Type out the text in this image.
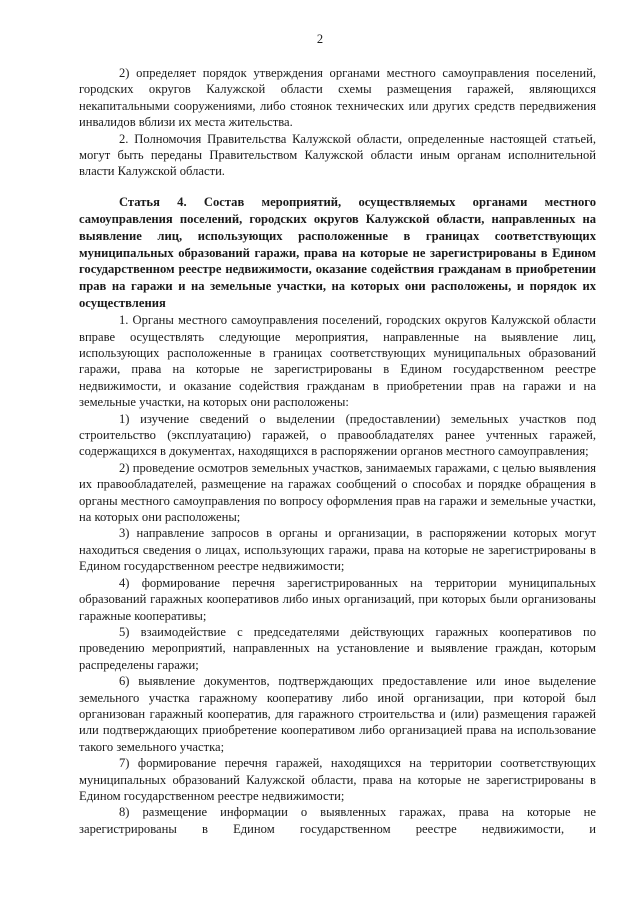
2

2) определяет порядок утверждения органами местного самоуправления поселений, городских округов Калужской области схемы размещения гаражей, являющихся некапитальными сооружениями, либо стоянок технических или других средств передвижения инвалидов вблизи их места жительства.

2. Полномочия Правительства Калужской области, определенные настоящей статьей, могут быть переданы Правительством Калужской области иным органам исполнительной власти Калужской области.

Статья 4. Состав мероприятий, осуществляемых органами местного самоуправления поселений, городских округов Калужской области, направленных на выявление лиц, использующих расположенные в границах соответствующих муниципальных образований гаражи, права на которые не зарегистрированы в Едином государственном реестре недвижимости, оказание содействия гражданам в приобретении прав на гаражи и на земельные участки, на которых они расположены, и порядок их осуществления

1. Органы местного самоуправления поселений, городских округов Калужской области вправе осуществлять следующие мероприятия, направленные на выявление лиц, использующих расположенные в границах соответствующих муниципальных образований гаражи, права на которые не зарегистрированы в Едином государственном реестре недвижимости, и оказание содействия гражданам в приобретении прав на гаражи и на земельные участки, на которых они расположены:

1) изучение сведений о выделении (предоставлении) земельных участков под строительство (эксплуатацию) гаражей, о правообладателях ранее учтенных гаражей, содержащихся в документах, находящихся в распоряжении органов местного самоуправления;

2) проведение осмотров земельных участков, занимаемых гаражами, с целью выявления их правообладателей, размещение на гаражах сообщений о способах и порядке обращения в органы местного самоуправления по вопросу оформления прав на гаражи и земельные участки, на которых они расположены;

3) направление запросов в органы и организации, в распоряжении которых могут находиться сведения о лицах, использующих гаражи, права на которые не зарегистрированы в Едином государственном реестре недвижимости;

4) формирование перечня зарегистрированных на территории муниципальных образований гаражных кооперативов либо иных организаций, при которых были организованы гаражные кооперативы;

5) взаимодействие с председателями действующих гаражных кооперативов по проведению мероприятий, направленных на установление и выявление граждан, которым распределены гаражи;

6) выявление документов, подтверждающих предоставление или иное выделение земельного участка гаражному кооперативу либо иной организации, при которой был организован гаражный кооператив, для гаражного строительства и (или) размещения гаражей или подтверждающих приобретение кооперативом либо организацией права на использование такого земельного участка;

7) формирование перечня гаражей, находящихся на территории соответствующих муниципальных образований Калужской области, права на которые не зарегистрированы в Едином государственном реестре недвижимости;

8) размещение информации о выявленных гаражах, права на которые не зарегистрированы в Едином государственном реестре недвижимости, и
